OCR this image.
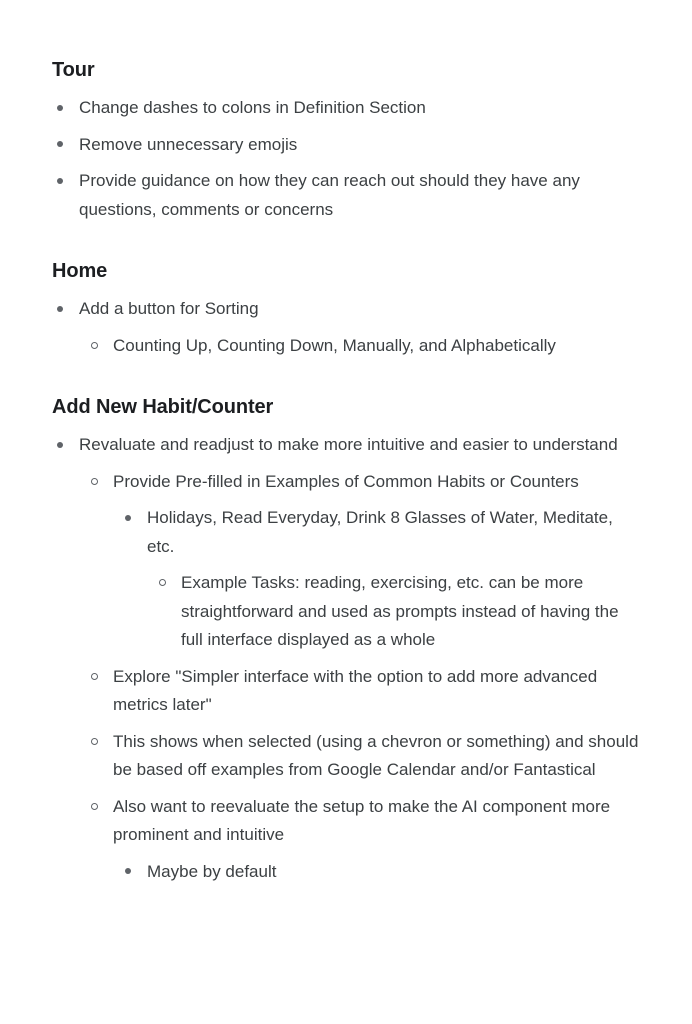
Tour
Change dashes to colons in Definition Section
Remove unnecessary emojis
Provide guidance on how they can reach out should they have any questions, comments or concerns
Home
Add a button for Sorting
Counting Up, Counting Down, Manually, and Alphabetically
Add New Habit/Counter
Revaluate and readjust to make more intuitive and easier to understand
Provide Pre-filled in Examples of Common Habits or Counters
Holidays, Read Everyday, Drink 8 Glasses of Water, Meditate, etc.
Example Tasks: reading, exercising, etc. can be more straightforward and used as prompts instead of having the full interface displayed as a whole
Explore "Simpler interface with the option to add more advanced metrics later"
This shows when selected (using a chevron or something) and should be based off examples from Google Calendar and/or Fantastical
Also want to reevaluate the setup to make the AI component more prominent and intuitive
Maybe by default
